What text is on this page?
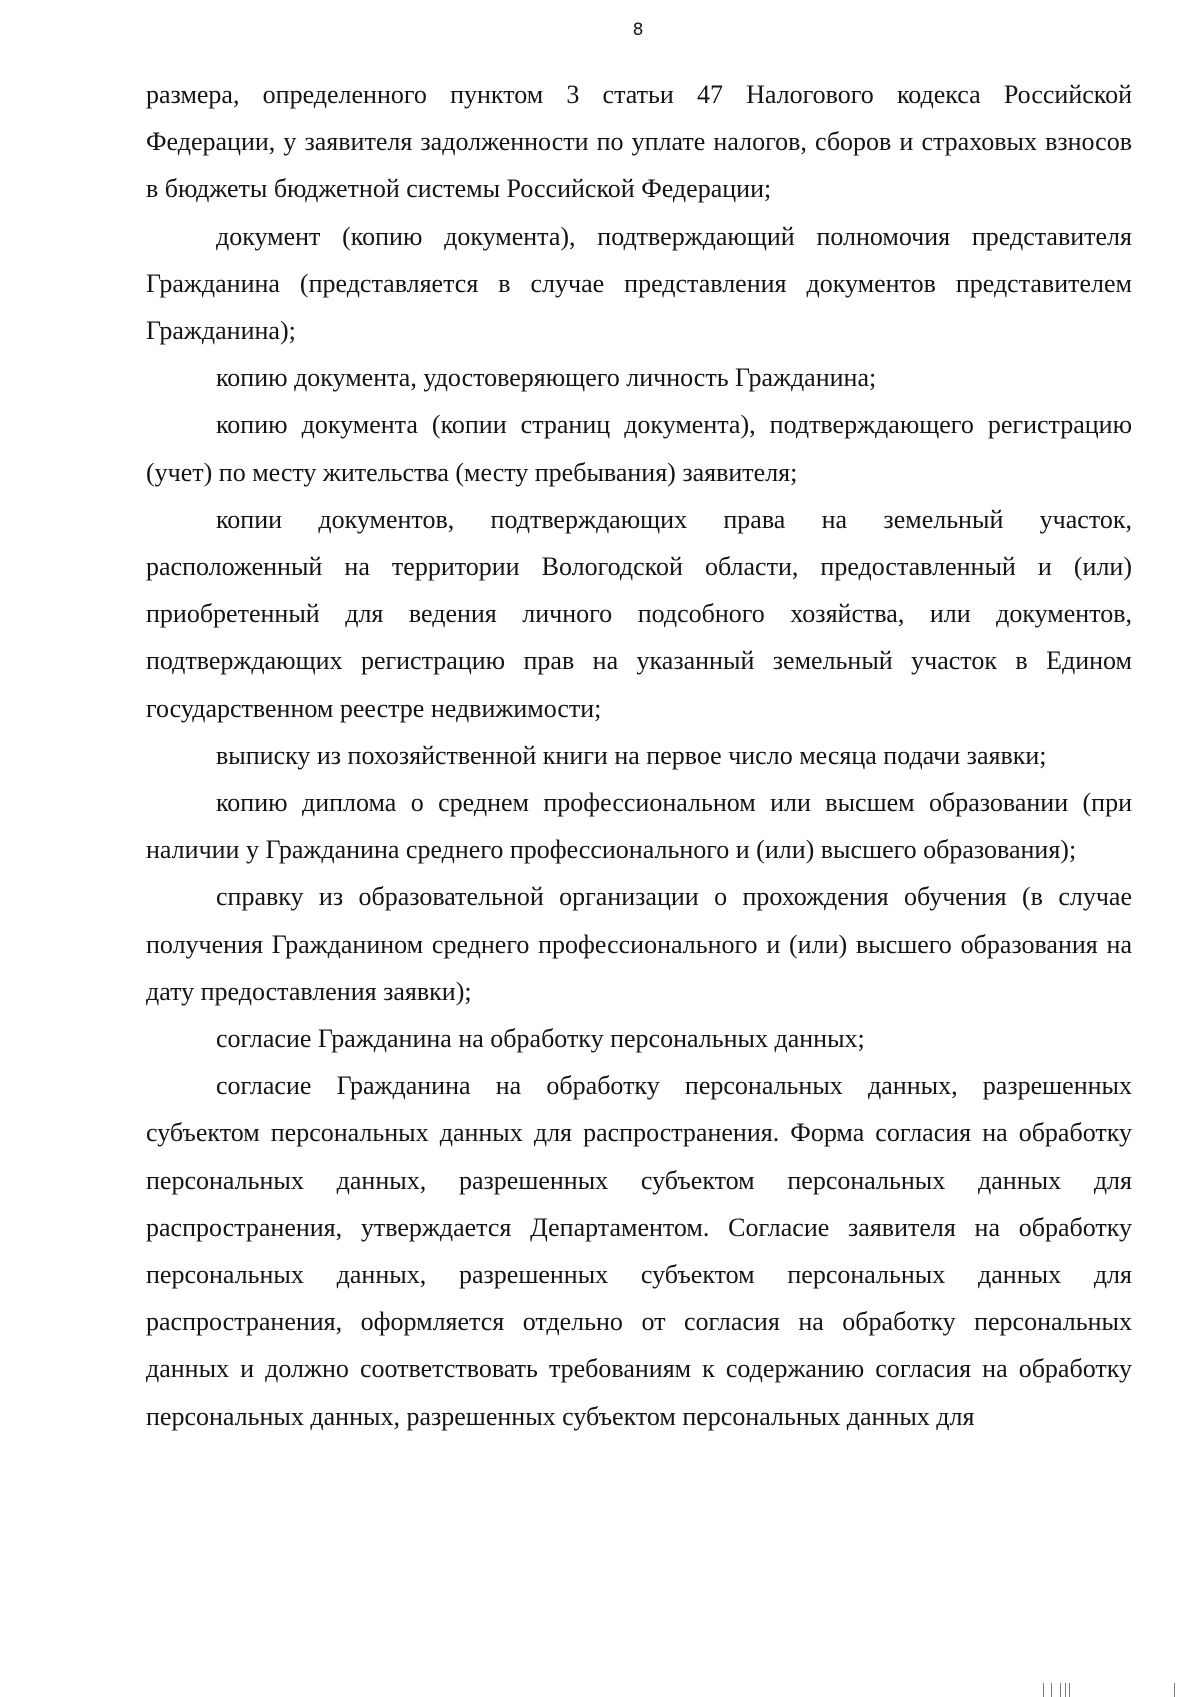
8

размера, определенного пунктом 3 статьи 47 Налогового кодекса Российской Федерации, у заявителя задолженности по уплате налогов, сборов и страховых взносов в бюджеты бюджетной системы Российской Федерации;

документ (копию документа), подтверждающий полномочия представителя Гражданина (представляется в случае представления документов представителем Гражданина);

копию документа, удостоверяющего личность Гражданина;

копию документа (копии страниц документа), подтверждающего регистрацию (учет) по месту жительства (месту пребывания) заявителя;

копии документов, подтверждающих права на земельный участок, расположенный на территории Вологодской области, предоставленный и (или) приобретенный для ведения личного подсобного хозяйства, или документов, подтверждающих регистрацию прав на указанный земельный участок в Едином государственном реестре недвижимости;

выписку из похозяйственной книги на первое число месяца подачи заявки;

копию диплома о среднем профессиональном или высшем образовании (при наличии у Гражданина среднего профессионального и (или) высшего образования);

справку из образовательной организации о прохождения обучения (в случае получения Гражданином среднего профессионального и (или) высшего образования на дату предоставления заявки);

согласие Гражданина на обработку персональных данных;

согласие Гражданина на обработку персональных данных, разрешенных субъектом персональных данных для распространения. Форма согласия на обработку персональных данных, разрешенных субъектом персональных данных для распространения, утверждается Департаментом. Согласие заявителя на обработку персональных данных, разрешенных субъектом персональных данных для распространения, оформляется отдельно от согласия на обработку персональных данных и должно соответствовать требованиям к содержанию согласия на обработку персональных данных, разрешенных субъектом персональных данных для
